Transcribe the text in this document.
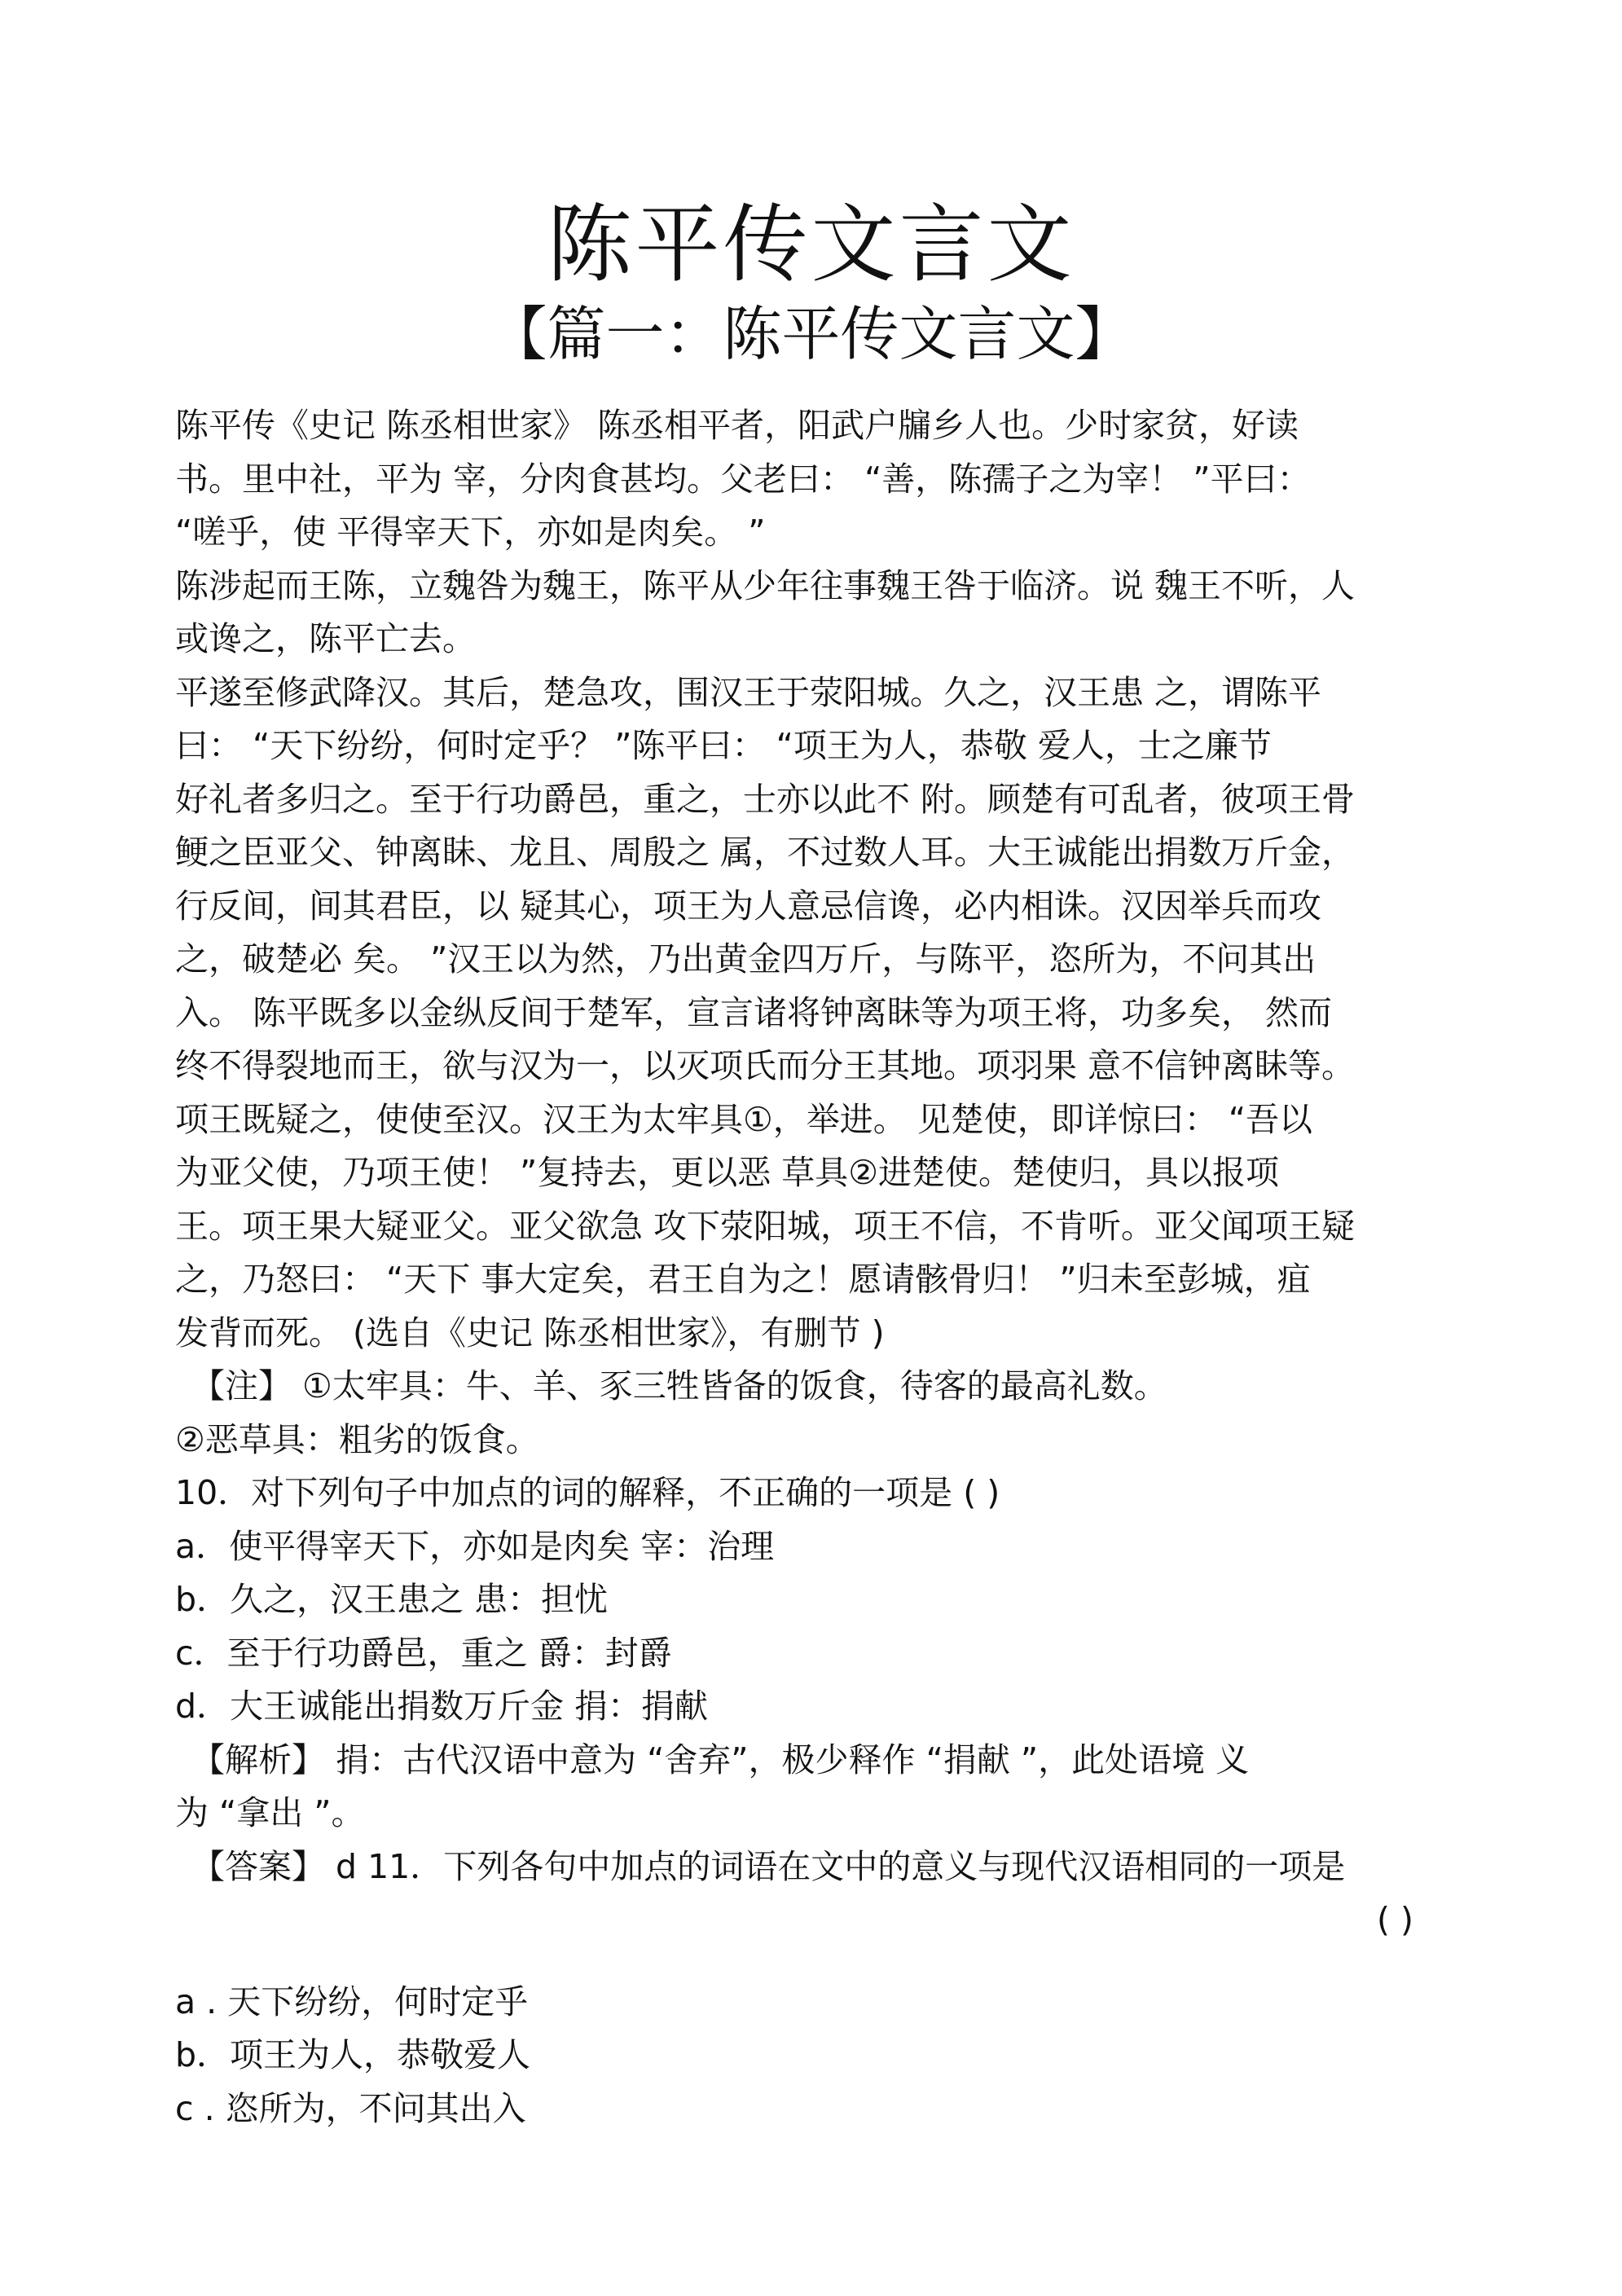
陈平传文言文
【篇一：陈平传文言文】

陈平传《史记 陈丞相世家》 陈丞相平者，阳武户牖乡人也。少时家贫，好读

书。里中社，平为 宰，分肉食甚均。父老曰： “善，陈孺子之为宰！ ”平曰：

“嗟乎，使 平得宰天下，亦如是肉矣。 ”

陈涉起而王陈，立魏咎为魏王，陈平从少年往事魏王咎于临济。说 魏王不听，人

或谗之，陈平亡去。

平遂至修武降汉。其后，楚急攻，围汉王于荥阳城。久之，汉王患 之，谓陈平

曰： “天下纷纷，何时定乎？ ”陈平曰： “项王为人，恭敬 爱人，士之廉节

好礼者多归之。至于行功爵邑，重之，士亦以此不 附。顾楚有可乱者，彼项王骨

鲠之臣亚父、钟离眛、龙且、周殷之 属，不过数人耳。大王诚能出捐数万斤金，

行反间，间其君臣，以 疑其心，项王为人意忌信谗，必内相诛。汉因举兵而攻

之，破楚必 矣。 ”汉王以为然，乃出黄金四万斤，与陈平，恣所为，不问其出

入。 陈平既多以金纵反间于楚军，宣言诸将钟离眛等为项王将，功多矣， 然而

终不得裂地而王，欲与汉为一，以灭项氏而分王其地。项羽果 意不信钟离眛等。

项王既疑之，使使至汉。汉王为太牢具①，举进。 见楚使，即详惊曰： “吾以

为亚父使，乃项王使！ ”复持去，更以恶 草具②进楚使。楚使归，具以报项

王。项王果大疑亚父。亚父欲急 攻下荥阳城，项王不信，不肯听。亚父闻项王疑

之，乃怒曰： “天下 事大定矣，君王自为之！愿请骸骨归！ ”归未至彭城，疽

发背而死。 (选自《史记 陈丞相世家》，有删节 )

【注】 ①太牢具：牛、羊、豕三牲皆备的饭食，待客的最高礼数。

②恶草具：粗劣的饭食。

10．对下列句子中加点的词的解释，不正确的一项是 ( )

a．使平得宰天下，亦如是肉矣 宰：治理

b．久之，汉王患之 患：担忧

c．至于行功爵邑，重之 爵：封爵

d．大王诚能出捐数万斤金 捐：捐献

【解析】 捐：古代汉语中意为 “舍弃”，极少释作 “捐献 ”，此处语境 义

为 “拿出 ”。

【答案】 d 11．下列各句中加点的词语在文中的意义与现代汉语相同的一项是

( )

a . 天下纷纷，何时定乎

b．项王为人，恭敬爱人

c . 恣所为，不问其出入
